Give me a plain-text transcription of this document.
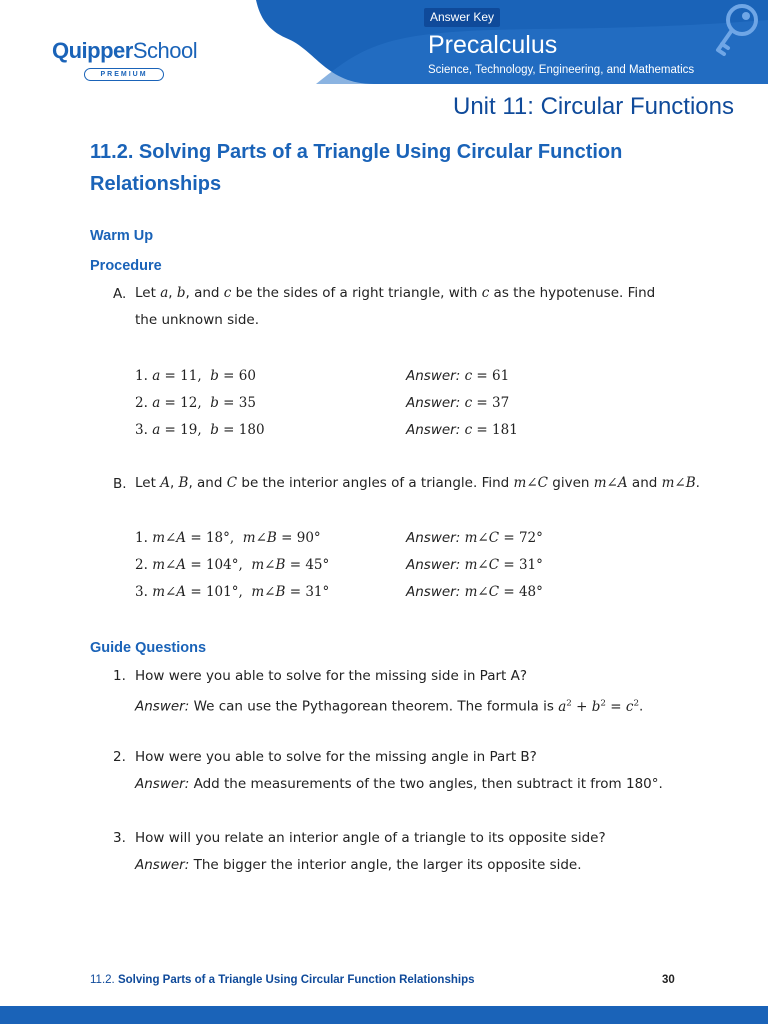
Answer Key
Precalculus
Science, Technology, Engineering, and Mathematics
QuipperSchool
PREMIUM
Unit 11: Circular Functions
11.2. Solving Parts of a Triangle Using Circular Function Relationships
Warm Up
Procedure
A. Let a, b, and c be the sides of a right triangle, with c as the hypotenuse. Find the unknown side.
1. a = 11,  b = 60	Answer: c = 61
2. a = 12,  b = 35	Answer: c = 37
3. a = 19,  b = 180	Answer: c = 181
B. Let A, B, and C be the interior angles of a triangle. Find m∠C given m∠A and m∠B.
1. m∠A = 18°,  m∠B = 90°	Answer: m∠C = 72°
2. m∠A = 104°,  m∠B = 45°	Answer: m∠C = 31°
3. m∠A = 101°,  m∠B = 31°	Answer: m∠C = 48°
Guide Questions
1. How were you able to solve for the missing side in Part A?
Answer: We can use the Pythagorean theorem. The formula is $a^2 + b^2 = c^2$.
2. How were you able to solve for the missing angle in Part B?
Answer: Add the measurements of the two angles, then subtract it from 180°.
3. How will you relate an interior angle of a triangle to its opposite side?
Answer: The bigger the interior angle, the larger its opposite side.
11.2. Solving Parts of a Triangle Using Circular Function Relationships	30
